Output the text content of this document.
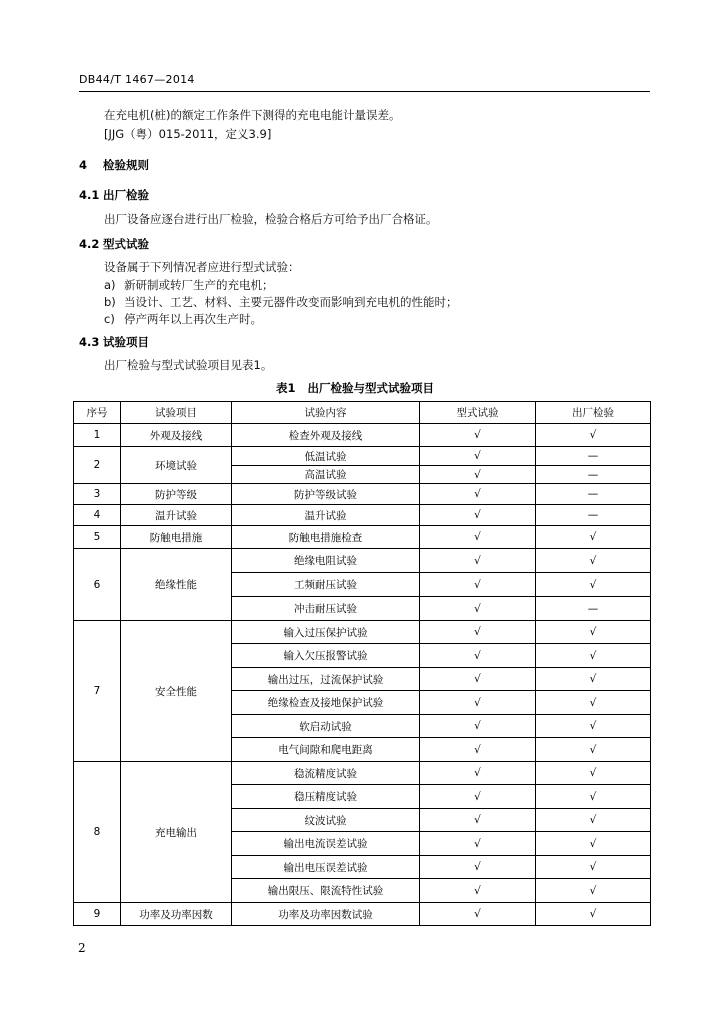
DB44/T 1467—2014
在充电机(桩)的额定工作条件下测得的充电电能计量误差。
[JJG（粤）015-2011，定义3.9]
4 检验规则
4.1 出厂检验
出厂设备应逐台进行出厂检验，检验合格后方可给予出厂合格证。
4.2 型式试验
设备属于下列情况者应进行型式试验：
a) 新研制或转厂生产的充电机；
b) 当设计、工艺、材料、主要元器件改变而影响到充电机的性能时；
c) 停产两年以上再次生产时。
4.3 试验项目
出厂检验与型式试验项目见表1。
表1 出厂检验与型式试验项目
序号	试验项目	试验内容	型式试验	出厂检验
1	外观及接线	检查外观及接线	√	√
2	环境试验	低温试验	√	—
		高温试验	√	—
3	防护等级	防护等级试验	√	—
4	温升试验	温升试验	√	—
5	防触电措施	防触电措施检查	√	√
6	绝缘性能	绝缘电阻试验	√	√
		工频耐压试验	√	√
		冲击耐压试验	√	—
7	安全性能	输入过压保护试验	√	√
		输入欠压报警试验	√	√
		输出过压，过流保护试验	√	√
		绝缘检查及接地保护试验	√	√
		软启动试验	√	√
		电气间隙和爬电距离	√	√
8	充电输出	稳流精度试验	√	√
		稳压精度试验	√	√
		纹波试验	√	√
		输出电流误差试验	√	√
		输出电压误差试验	√	√
		输出限压、限流特性试验	√	√
9	功率及功率因数	功率及功率因数试验	√	√
2
